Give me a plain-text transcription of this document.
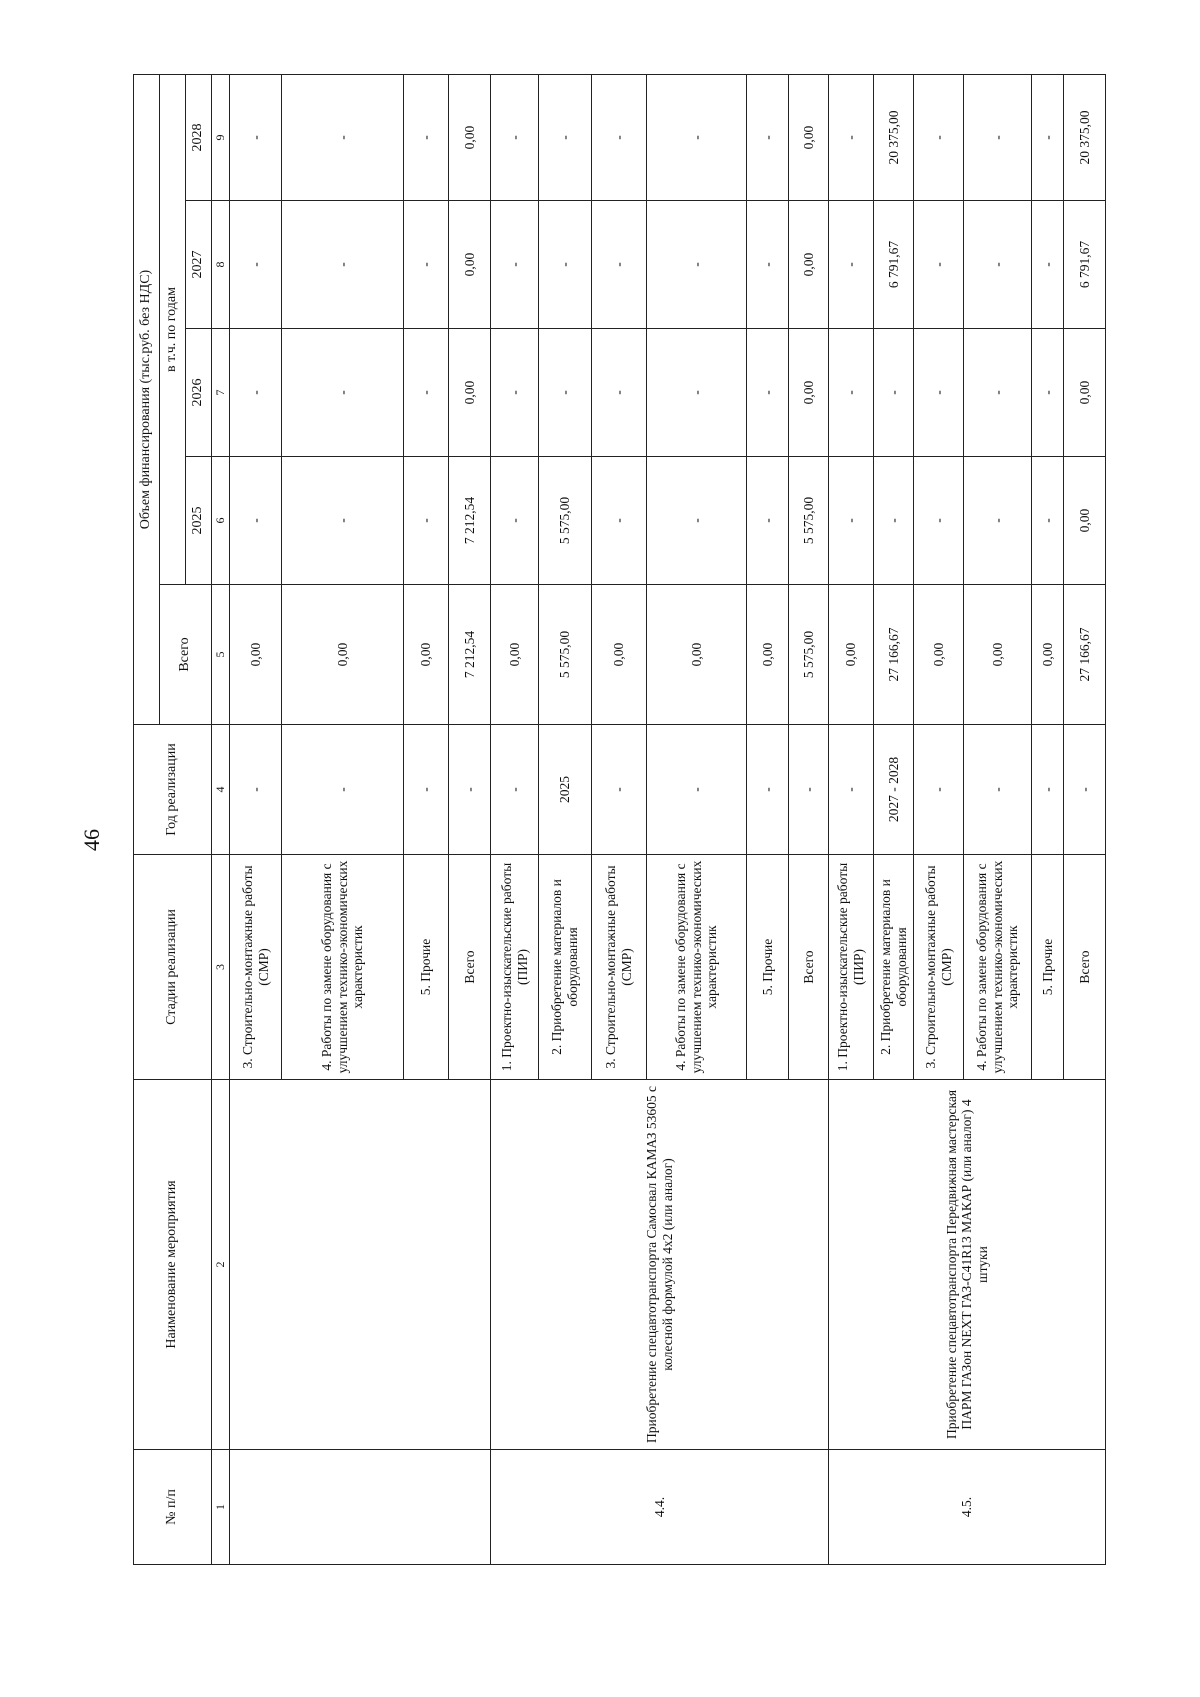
46
№ п/п	Наименование мероприятия	Стадии реализации	Год реализации	Объем финансирования (тыс.руб. без НДС)				
				Всего	в т.ч. по годам			
					2025	2026	2027	2028
1	2	3	4	5	6	7	8	9
		3. Строительно-монтажные работы (СМР)	-	0,00	-	-	-	-
		4. Работы по замене оборудования с улучшением технико-экономических характеристик	-	0,00	-	-	-	-
		5. Прочие	-	0,00	-	-	-	-
		Всего	-	7 212,54	7 212,54	0,00	0,00	0,00
4.4.	Приобретение спецавтотранспорта Самосвал КАМАЗ 53605 с колесной формулой 4x2 (или аналог)	1. Проектно-изыскательские работы (ПИР)	-	0,00	-	-	-	-
		2. Приобретение материалов и оборудования	2025	5 575,00	5 575,00	-	-	-
		3. Строительно-монтажные работы (СМР)	-	0,00	-	-	-	-
		4. Работы по замене оборудования с улучшением технико-экономических характеристик	-	0,00	-	-	-	-
		5. Прочие	-	0,00	-	-	-	-
		Всего	-	5 575,00	5 575,00	0,00	0,00	0,00
4.5.	Приобретение спецавтотранспорта Передвижная мастерская ПАРМ ГАЗон NEXT ГАЗ-C41R13 МАКАР (или аналог) 4 штуки	1. Проектно-изыскательские работы (ПИР)	-	0,00	-	-	-	-
		2. Приобретение материалов и оборудования	2027 - 2028	27 166,67	-	-	6 791,67	20 375,00
		3. Строительно-монтажные работы (СМР)	-	0,00	-	-	-	-
		4. Работы по замене оборудования с улучшением технико-экономических характеристик	-	0,00	-	-	-	-
		5. Прочие	-	0,00	-	-	-	-
		Всего	-	27 166,67	0,00	0,00	6 791,67	20 375,00
